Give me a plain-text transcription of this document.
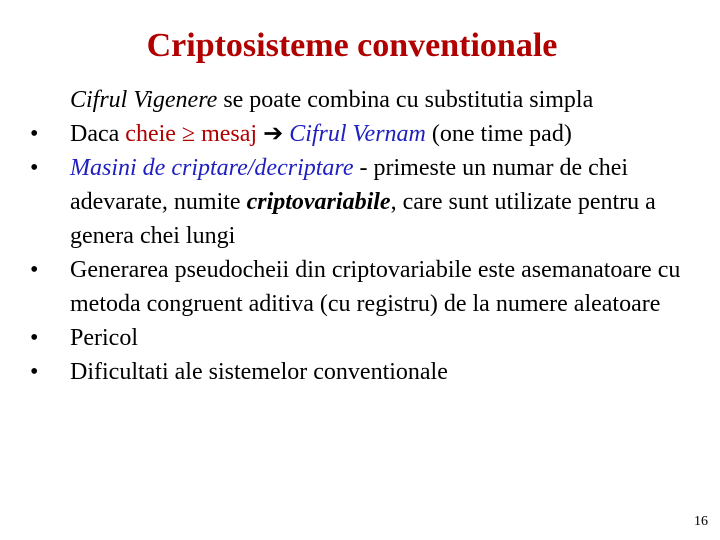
Criptosisteme conventionale

Cifrul Vigenere se poate combina cu substitutia simpla

•	Daca cheie ≥ mesaj ➔ Cifrul Vernam (one time pad)

•	Masini de criptare/decriptare - primeste un numar de chei adevarate, numite criptovariabile, care sunt utilizate pentru a genera chei lungi

•	Generarea pseudocheii din criptovariabile este asemanatoare cu metoda congruent aditiva (cu registru) de la numere aleatoare

•	Pericol

•	Dificultati ale sistemelor conventionale

16
